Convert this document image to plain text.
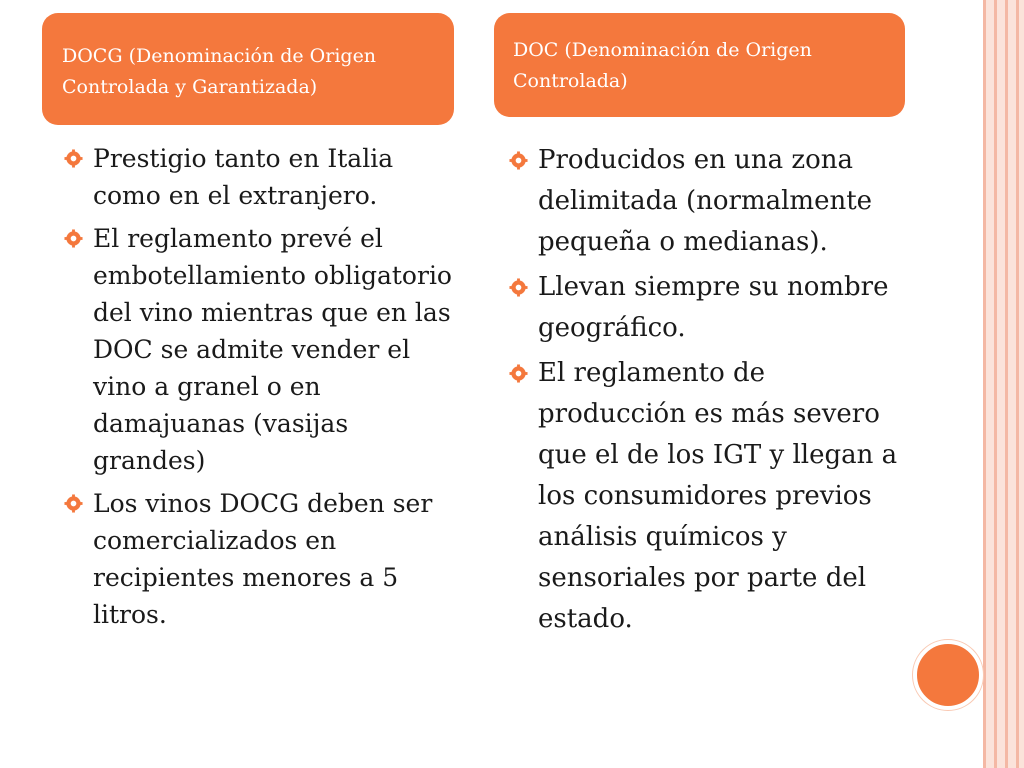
DOCG (Denominación de Origen Controlada y Garantizada)
DOC (Denominación de Origen Controlada)
Prestigio tanto en Italia como en el extranjero.
El reglamento prevé el embotellamiento obligatorio del vino mientras que en las DOC se admite vender el vino a granel o en damajuanas (vasijas grandes)
Los vinos DOCG deben ser comercializados en recipientes menores a 5 litros.
Producidos en una zona delimitada (normalmente pequeña o medianas).
Llevan siempre su nombre geográfico.
El reglamento de producción es más severo que el de los IGT y llegan a los consumidores previos análisis químicos y sensoriales por parte del estado.
